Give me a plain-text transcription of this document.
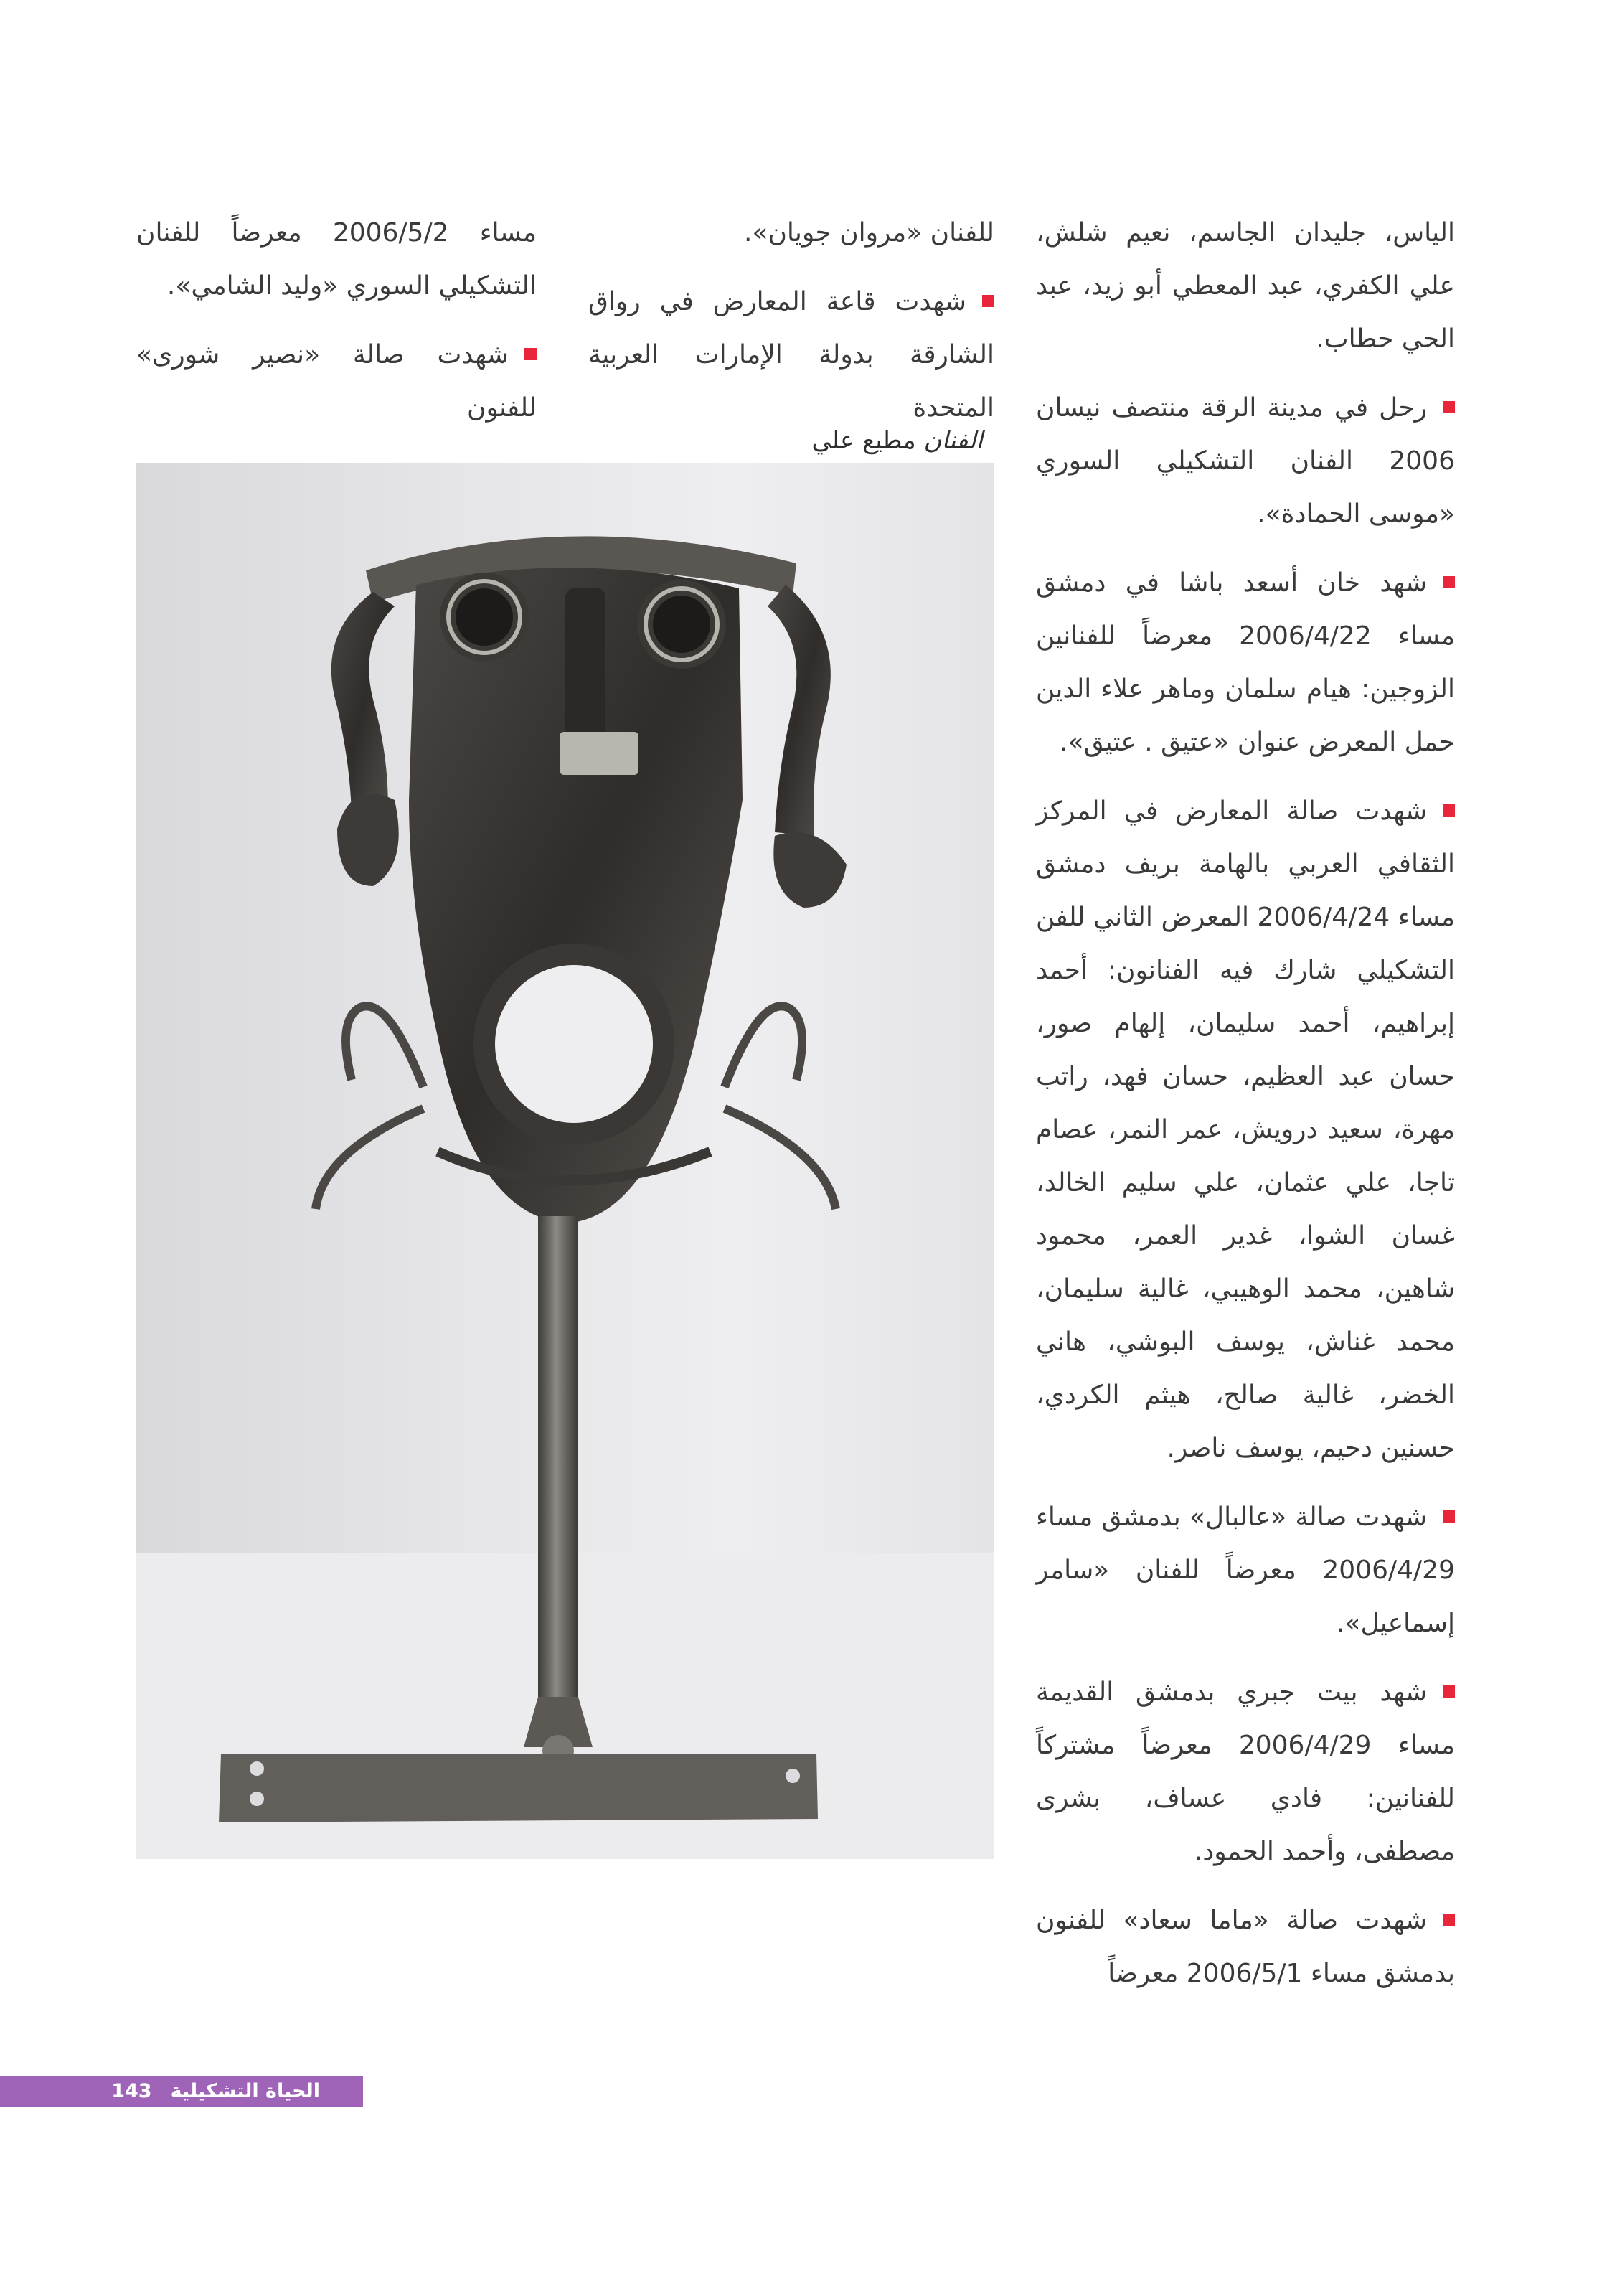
الياس، جليدان الجاسم، نعيم شلش، علي الكفري، عبد المعطي أبو زيد، عبد الحي حطاب.

رحل في مدينة الرقة منتصف نيسان 2006 الفنان التشكيلي السوري «موسى الحمادة».

شهد خان أسعد باشا في دمشق مساء 2006/4/22 معرضاً للفنانين الزوجين: هيام سلمان وماهر علاء الدين حمل المعرض عنوان «عتيق . عتيق».

شهدت صالة المعارض في المركز الثقافي العربي بالهامة بريف دمشق مساء 2006/4/24 المعرض الثاني للفن التشكيلي شارك فيه الفنانون: أحمد إبراهيم، أحمد سليمان، إلهام صور، حسان عبد العظيم، حسان فهد، راتب مهرة، سعيد درويش، عمر النمر، عصام تاجا، علي عثمان، علي سليم الخالد، غسان الشوا، غدير العمر، محمود شاهين، محمد الوهيبي، غالية سليمان، محمد غناش، يوسف البوشي، هاني الخضر، غالية صالح، هيثم الكردي، حسنين دحيم، يوسف ناصر.

شهدت صالة «عالبال» بدمشق مساء 2006/4/29 معرضاً للفنان «سامر إسماعيل».

شهد بيت جبري بدمشق القديمة مساء 2006/4/29 معرضاً مشتركاً للفنانين: فادي عساف، بشرى مصطفى، وأحمد الحمود.

شهدت صالة «ماما سعاد» للفنون بدمشق مساء 2006/5/1 معرضاً

للفنان «مروان جويان».

شهدت قاعة المعارض في رواق الشارقة بدولة الإمارات العربية المتحدة

مساء 2006/5/2 معرضاً للفنان التشكيلي السوري «وليد الشامي».

شهدت صالة «نصير شورى» للفنون

الفنان مطيع علي
الحياة التشكيلية
143
